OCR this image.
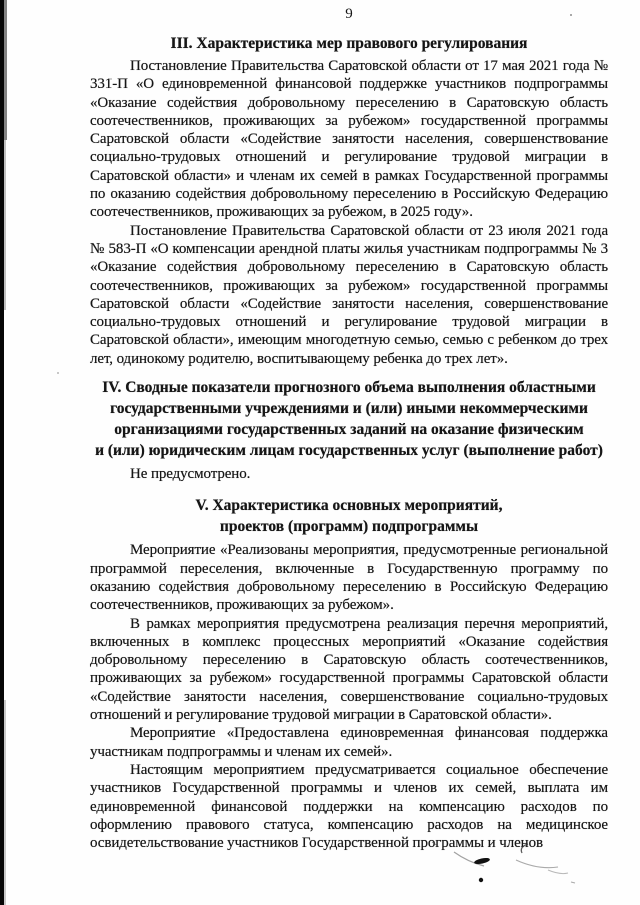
9
III. Характеристика мер правового регулирования

Постановление Правительства Саратовской области от 17 мая 2021 года № 331-П «О единовременной финансовой поддержке участников подпрограммы «Оказание содействия добровольному переселению в Саратовскую область соотечественников, проживающих за рубежом» государственной программы Саратовской области «Содействие занятости населения, совершенствование социально-трудовых отношений и регулирование трудовой миграции в Саратовской области» и членам их семей в рамках Государственной программы по оказанию содействия добровольному переселению в Российскую Федерацию соотечественников, проживающих за рубежом, в 2025 году».

Постановление Правительства Саратовской области от 23 июля 2021 года № 583-П «О компенсации арендной платы жилья участникам подпрограммы № 3 «Оказание содействия добровольному переселению в Саратовскую область соотечественников, проживающих за рубежом» государственной программы Саратовской области «Содействие занятости населения, совершенствование социально-трудовых отношений и регулирование трудовой миграции в Саратовской области», имеющим многодетную семью, семью с ребенком до трех лет, одинокому родителю, воспитывающему ребенка до трех лет».

IV. Сводные показатели прогнозного объема выполнения областными
государственными учреждениями и (или) иными некоммерческими
организациями государственных заданий на оказание физическим
и (или) юридическим лицам государственных услуг (выполнение работ)

Не предусмотрено.

V. Характеристика основных мероприятий,
проектов (программ) подпрограммы

Мероприятие «Реализованы мероприятия, предусмотренные региональной программой переселения, включенные в Государственную программу по оказанию содействия добровольному переселению в Российскую Федерацию соотечественников, проживающих за рубежом».

В рамках мероприятия предусмотрена реализация перечня мероприятий, включенных в комплекс процессных мероприятий «Оказание содействия добровольному переселению в Саратовскую область соотечественников, проживающих за рубежом» государственной программы Саратовской области «Содействие занятости населения, совершенствование социально-трудовых отношений и регулирование трудовой миграции в Саратовской области».

Мероприятие «Предоставлена единовременная финансовая поддержка участникам подпрограммы и членам их семей».

Настоящим мероприятием предусматривается социальное обеспечение участников Государственной программы и членов их семей, выплата им единовременной финансовой поддержки на компенсацию расходов по оформлению правового статуса, компенсацию расходов на медицинское освидетельствование участников Государственной программы и членов
